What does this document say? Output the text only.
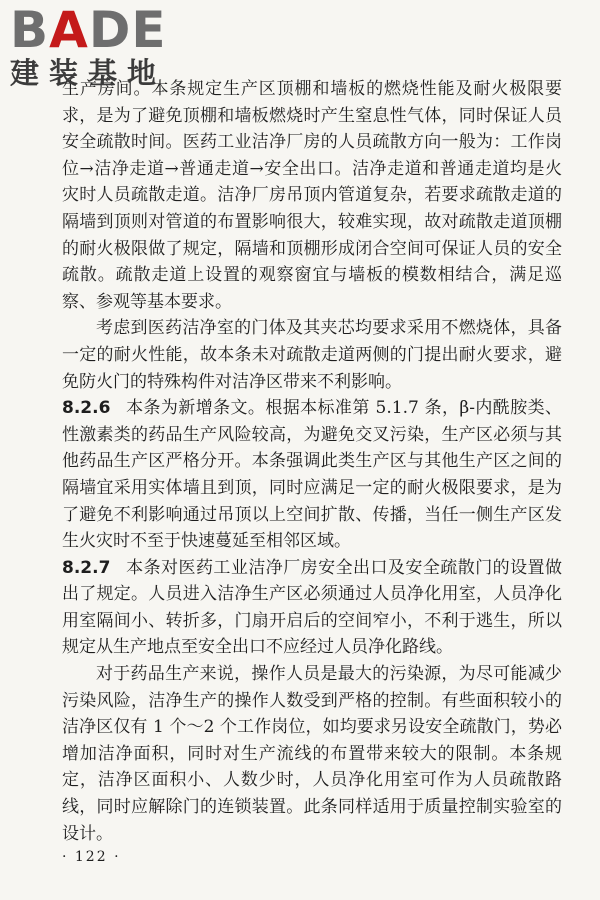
BADE
建装基地

生产房间。本条规定生产区顶棚和墙板的燃烧性能及耐火极限要求，是为了避免顶棚和墙板燃烧时产生窒息性气体，同时保证人员安全疏散时间。医药工业洁净厂房的人员疏散方向一般为：工作岗位→洁净走道→普通走道→安全出口。洁净走道和普通走道均是火灾时人员疏散走道。洁净厂房吊顶内管道复杂，若要求疏散走道的隔墙到顶则对管道的布置影响很大，较难实现，故对疏散走道顶棚的耐火极限做了规定，隔墙和顶棚形成闭合空间可保证人员的安全疏散。疏散走道上设置的观察窗宜与墙板的模数相结合，满足巡察、参观等基本要求。

考虑到医药洁净室的门体及其夹芯均要求采用不燃烧体，具备一定的耐火性能，故本条未对疏散走道两侧的门提出耐火要求，避免防火门的特殊构件对洁净区带来不利影响。

8.2.6 本条为新增条文。根据本标准第 5.1.7 条，β-内酰胺类、性激素类的药品生产风险较高，为避免交叉污染，生产区必须与其他药品生产区严格分开。本条强调此类生产区与其他生产区之间的隔墙宜采用实体墙且到顶，同时应满足一定的耐火极限要求，是为了避免不利影响通过吊顶以上空间扩散、传播，当任一侧生产区发生火灾时不至于快速蔓延至相邻区域。

8.2.7 本条对医药工业洁净厂房安全出口及安全疏散门的设置做出了规定。人员进入洁净生产区必须通过人员净化用室，人员净化用室隔间小、转折多，门扇开启后的空间窄小，不利于逃生，所以规定从生产地点至安全出口不应经过人员净化路线。

对于药品生产来说，操作人员是最大的污染源，为尽可能减少污染风险，洁净生产的操作人数受到严格的控制。有些面积较小的洁净区仅有 1 个～2 个工作岗位，如均要求另设安全疏散门，势必增加洁净面积，同时对生产流线的布置带来较大的限制。本条规定，洁净区面积小、人数少时，人员净化用室可作为人员疏散路线，同时应解除门的连锁装置。此条同样适用于质量控制实验室的设计。

· 122 ·
